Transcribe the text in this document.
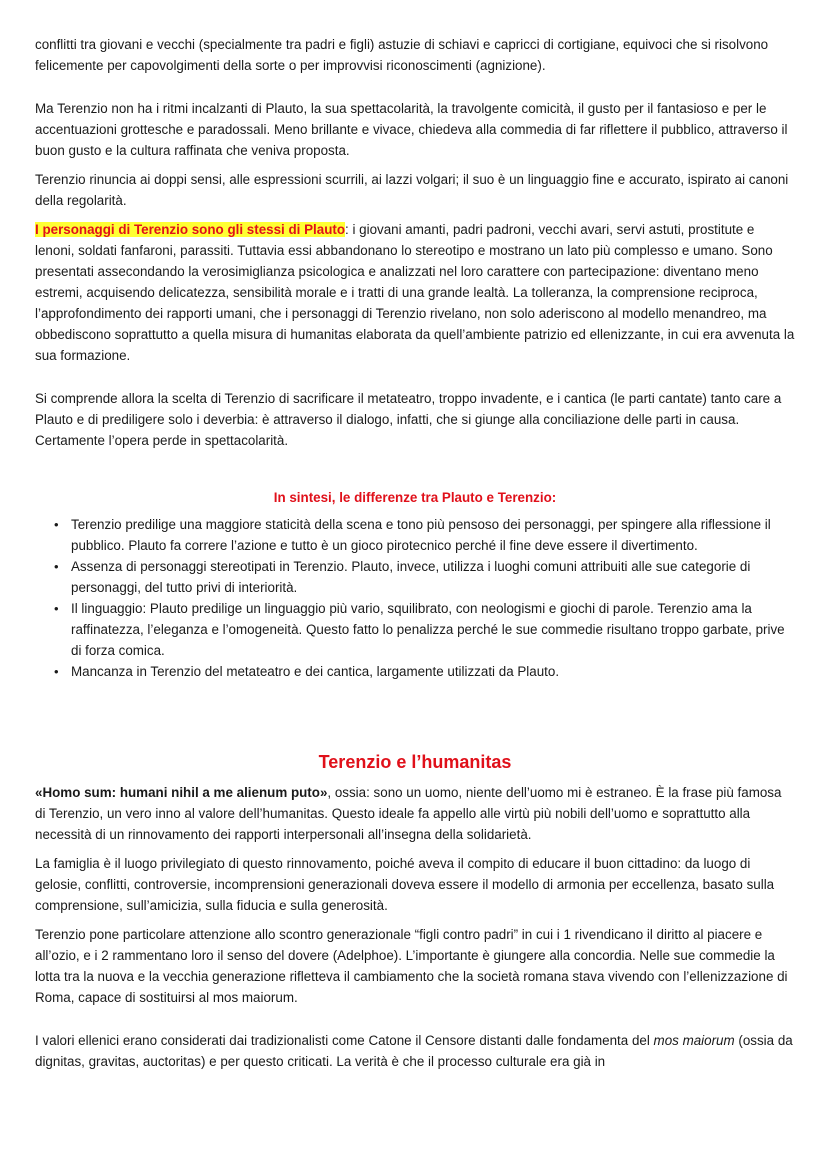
conflitti tra giovani e vecchi (specialmente tra padri e figli) astuzie di schiavi e capricci di cortigiane, equivoci che si risolvono felicemente per capovolgimenti della sorte o per improvvisi riconoscimenti (agnizione).

Ma Terenzio non ha i ritmi incalzanti di Plauto, la sua spettacolarità, la travolgente comicità, il gusto per il fantasioso e per le accentuazioni grottesche e paradossali. Meno brillante e vivace, chiedeva alla commedia di far riflettere il pubblico, attraverso il buon gusto e la cultura raffinata che veniva proposta.

Terenzio rinuncia ai doppi sensi, alle espressioni scurrili, ai lazzi volgari; il suo è un linguaggio fine e accurato, ispirato ai canoni della regolarità.

I personaggi di Terenzio sono gli stessi di Plauto: i giovani amanti, padri padroni, vecchi avari, servi astuti, prostitute e lenoni, soldati fanfaroni, parassiti. Tuttavia essi abbandonano lo stereotipo e mostrano un lato più complesso e umano. Sono presentati assecondando la verosimiglianza psicologica e analizzati nel loro carattere con partecipazione: diventano meno estremi, acquisendo delicatezza, sensibilità morale e i tratti di una grande lealtà. La tolleranza, la comprensione reciproca, l’approfondimento dei rapporti umani, che i personaggi di Terenzio rivelano, non solo aderiscono al modello menandreo, ma obbediscono soprattutto a quella misura di humanitas elaborata da quell’ambiente patrizio ed ellenizzante, in cui era avvenuta la sua formazione.

Si comprende allora la scelta di Terenzio di sacrificare il metateatro, troppo invadente, e i cantica (le parti cantate) tanto care a Plauto e di prediligere solo i deverbia: è attraverso il dialogo, infatti, che si giunge alla conciliazione delle parti in causa. Certamente l’opera perde in spettacolarità.

In sintesi, le differenze tra Plauto e Terenzio:
• Terenzio predilige una maggiore staticità della scena e tono più pensoso dei personaggi, per spingere alla riflessione il pubblico. Plauto fa correre l’azione e tutto è un gioco pirotecnico perché il fine deve essere il divertimento.
• Assenza di personaggi stereotipati in Terenzio. Plauto, invece, utilizza i luoghi comuni attribuiti alle sue categorie di personaggi, del tutto privi di interiorità.
• Il linguaggio: Plauto predilige un linguaggio più vario, squilibrato, con neologismi e giochi di parole. Terenzio ama la raffinatezza, l’eleganza e l’omogeneità. Questo fatto lo penalizza perché le sue commedie risultano troppo garbate, prive di forza comica.
• Mancanza in Terenzio del metateatro e dei cantica, largamente utilizzati da Plauto.
Terenzio e l’humanitas

«Homo sum: humani nihil a me alienum puto», ossia: sono un uomo, niente dell’uomo mi è estraneo. È la frase più famosa di Terenzio, un vero inno al valore dell’humanitas. Questo ideale fa appello alle virtù più nobili dell’uomo e soprattutto alla necessità di un rinnovamento dei rapporti interpersonali all’insegna della solidarietà.

La famiglia è il luogo privilegiato di questo rinnovamento, poiché aveva il compito di educare il buon cittadino: da luogo di gelosie, conflitti, controversie, incomprensioni generazionali doveva essere il modello di armonia per eccellenza, basato sulla comprensione, sull’amicizia, sulla fiducia e sulla generosità.

Terenzio pone particolare attenzione allo scontro generazionale “figli contro padri” in cui i 1 rivendicano il diritto al piacere e all’ozio, e i 2 rammentano loro il senso del dovere (Adelphoe). L’importante è giungere alla concordia. Nelle sue commedie la lotta tra la nuova e la vecchia generazione rifletteva il cambiamento che la società romana stava vivendo con l’ellenizzazione di Roma, capace di sostituirsi al mos maiorum.

I valori ellenici erano considerati dai tradizionalisti come Catone il Censore distanti dalle fondamenta del mos maiorum (ossia da dignitas, gravitas, auctoritas) e per questo criticati. La verità è che il processo culturale era già in
